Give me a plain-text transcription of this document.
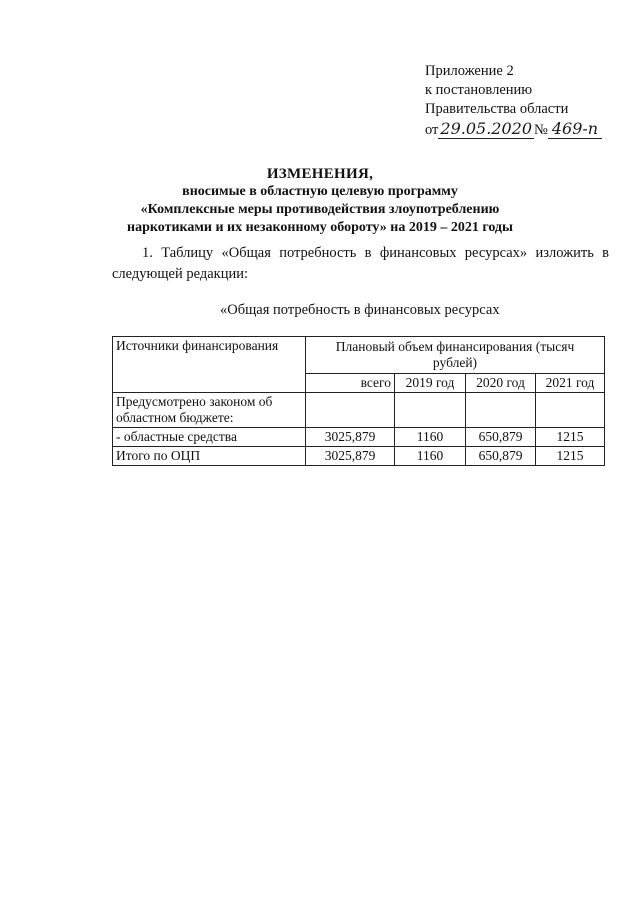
Приложение 2
к постановлению
Правительства области
от 29.05.2020 № 469-п
ИЗМЕНЕНИЯ,
вносимые в областную целевую программу
«Комплексные меры противодействия злоупотреблению
наркотиками и их незаконному обороту» на 2019 – 2021 годы
1. Таблицу «Общая потребность в финансовых ресурсах» изложить в следующей редакции:
«Общая потребность в финансовых ресурсах
Источники финансирования	Плановый объем финансирования (тысяч рублей)			
	всего	2019 год	2020 год	2021 год
Предусмотрено законом об областном бюджете:				
- областные средства	3025,879	1160	650,879	1215
Итого по ОЦП	3025,879	1160	650,879	1215
